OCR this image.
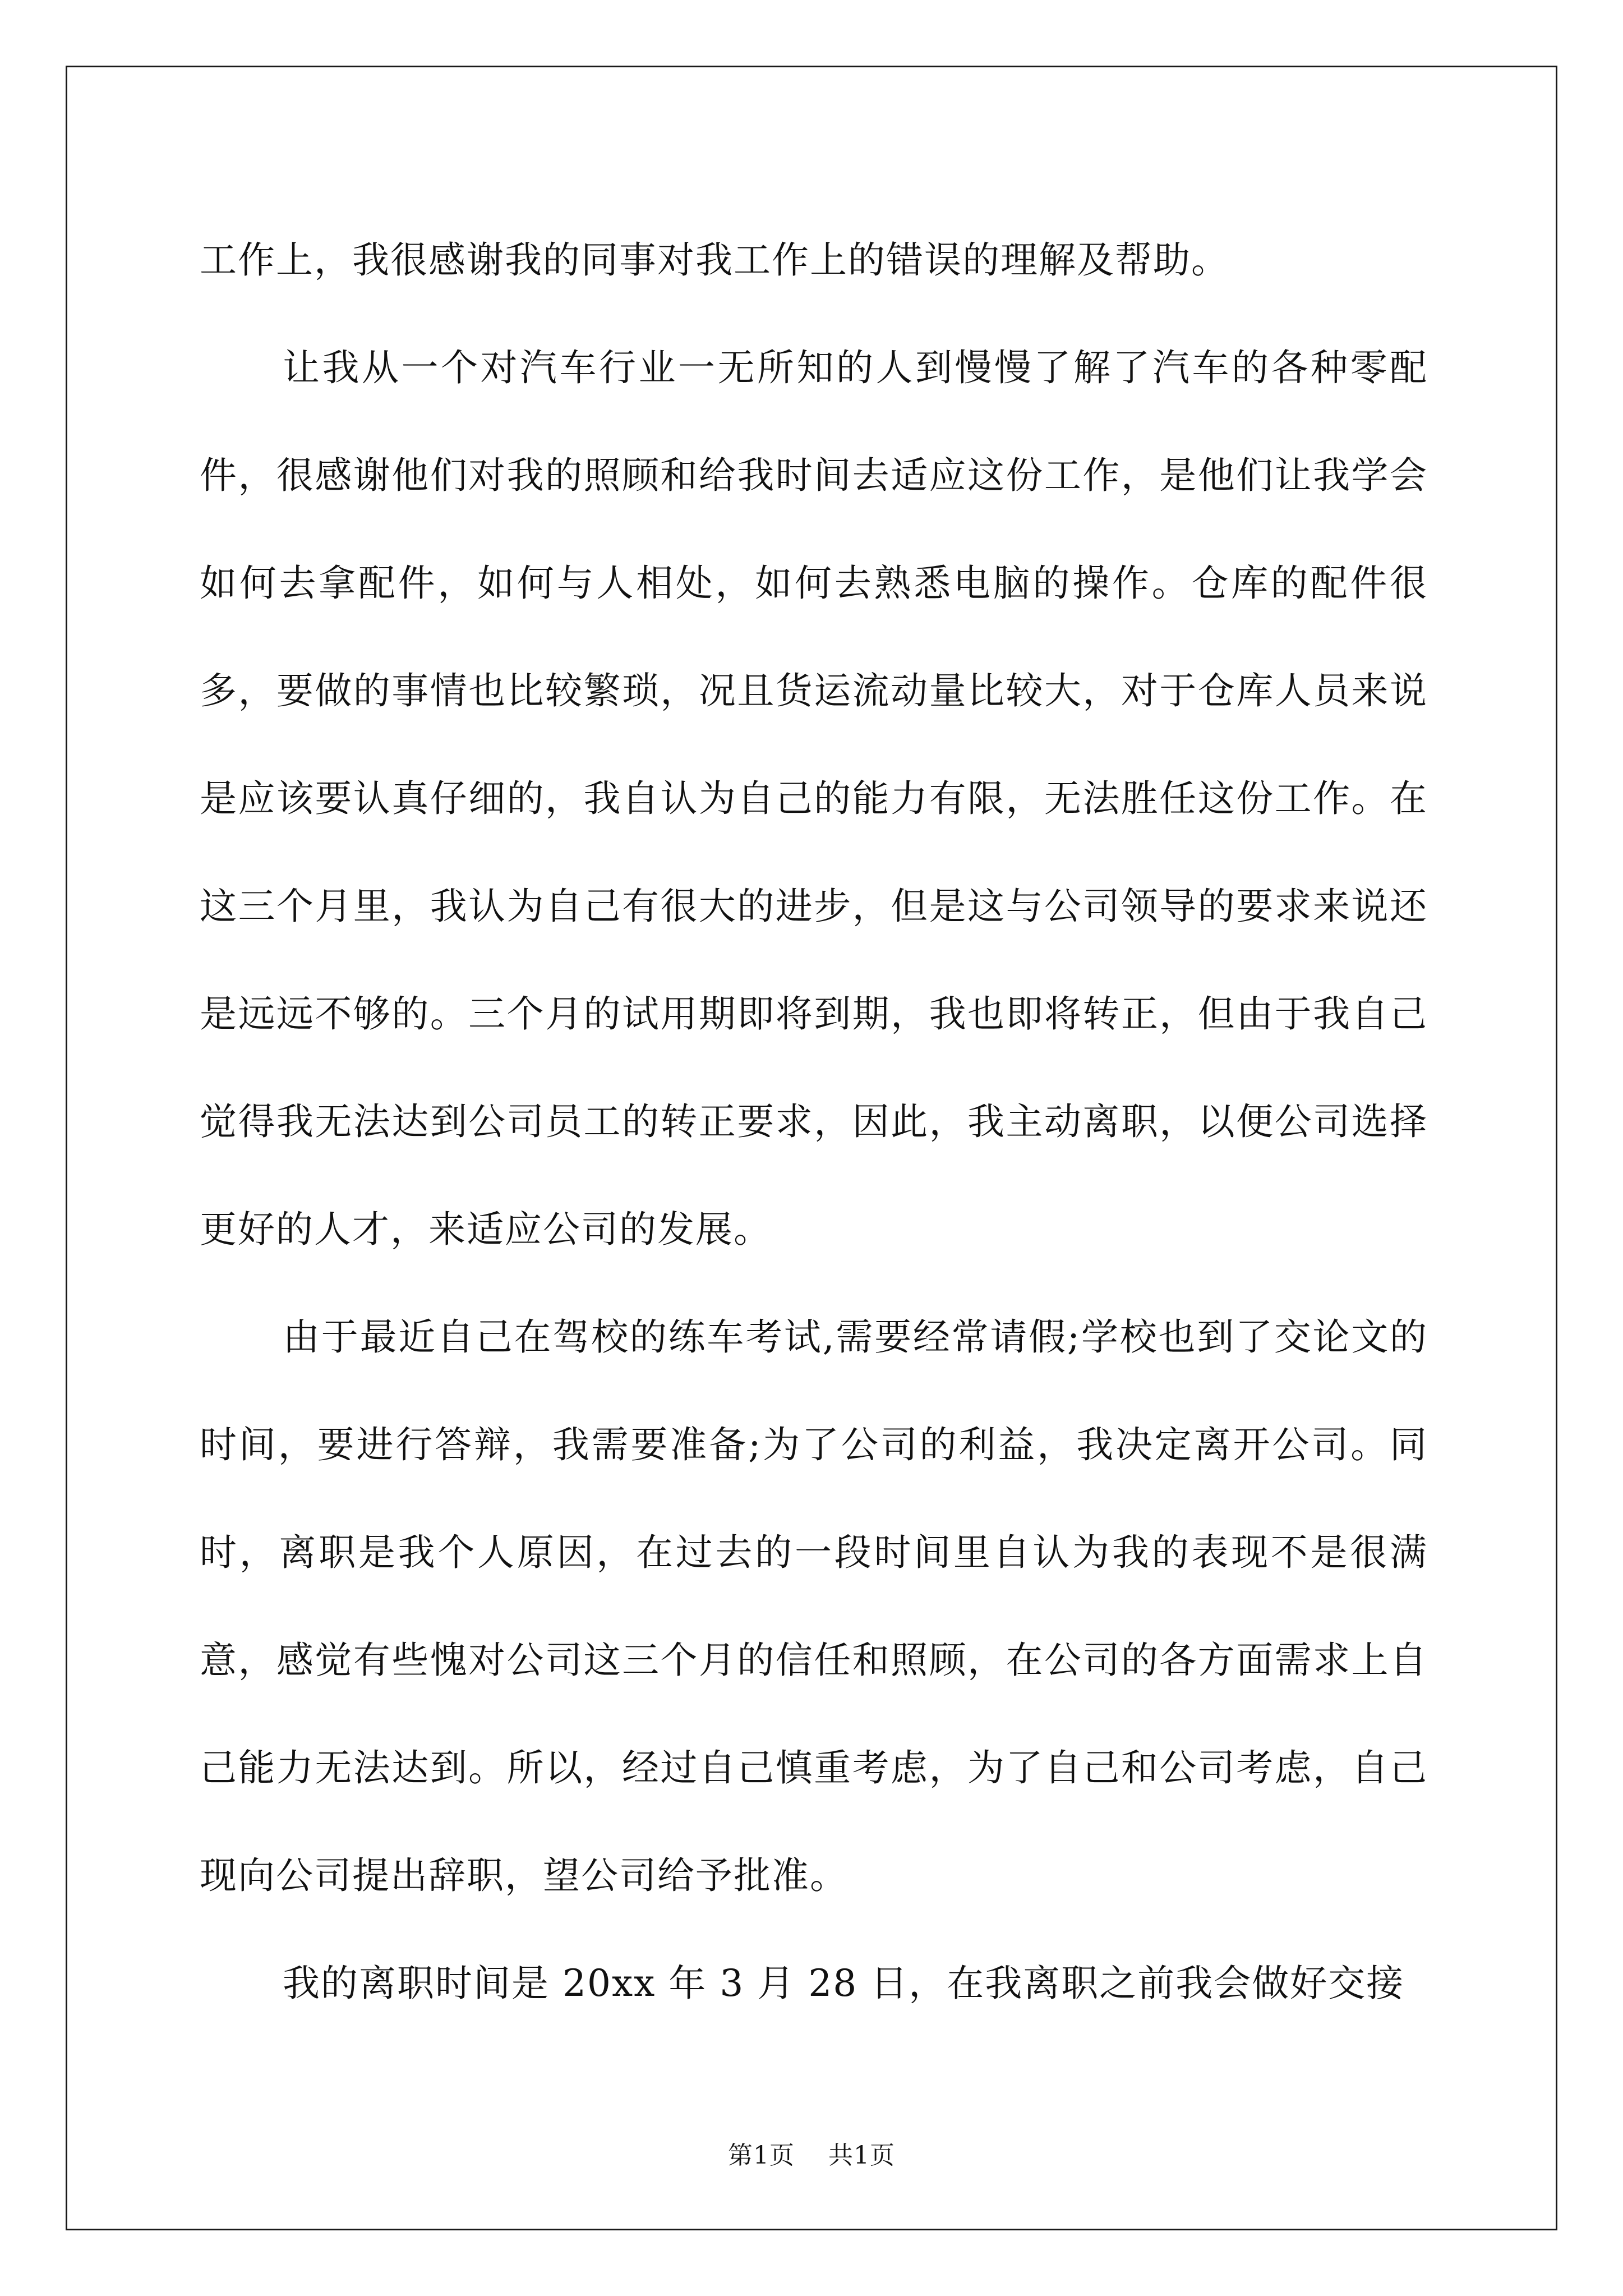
工作上，我很感谢我的同事对我工作上的错误的理解及帮助。

让我从一个对汽车行业一无所知的人到慢慢了解了汽车的各种零配件，很感谢他们对我的照顾和给我时间去适应这份工作，是他们让我学会如何去拿配件，如何与人相处，如何去熟悉电脑的操作。仓库的配件很多，要做的事情也比较繁琐，况且货运流动量比较大，对于仓库人员来说是应该要认真仔细的，我自认为自己的能力有限，无法胜任这份工作。在这三个月里，我认为自己有很大的进步，但是这与公司领导的要求来说还是远远不够的。三个月的试用期即将到期，我也即将转正，但由于我自己觉得我无法达到公司员工的转正要求，因此，我主动离职，以便公司选择更好的人才，来适应公司的发展。

由于最近自己在驾校的练车考试,需要经常请假;学校也到了交论文的时间，要进行答辩，我需要准备;为了公司的利益，我决定离开公司。同时，离职是我个人原因，在过去的一段时间里自认为我的表现不是很满意，感觉有些愧对公司这三个月的信任和照顾，在公司的各方面需求上自己能力无法达到。所以，经过自己慎重考虑，为了自己和公司考虑，自己现向公司提出辞职，望公司给予批准。

我的离职时间是 20xx 年 3 月 28 日，在我离职之前我会做好交接

第1页 共1页
